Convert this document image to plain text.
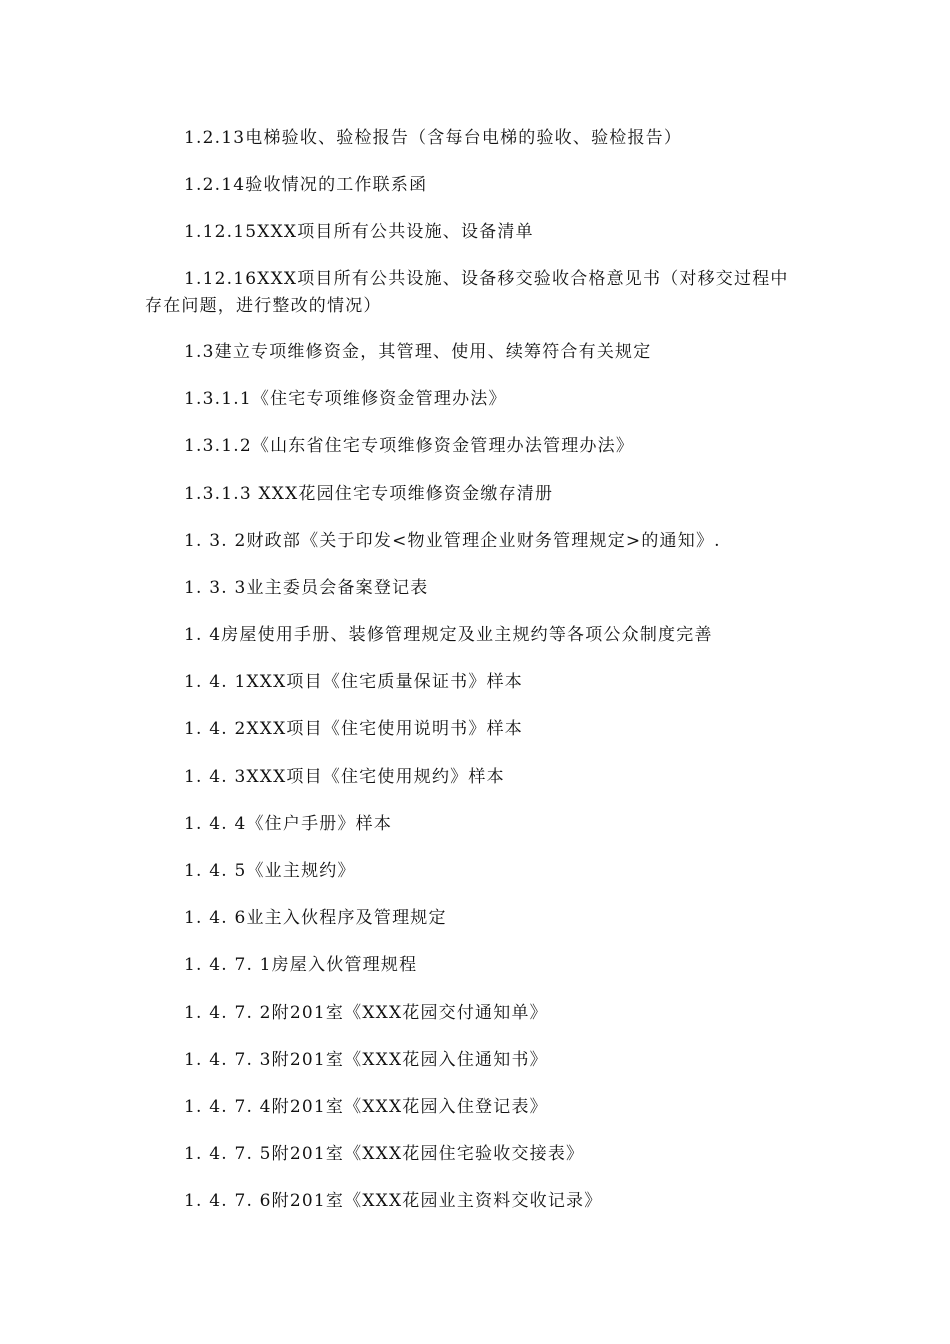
1.2.13电梯验收、验检报告（含每台电梯的验收、验检报告）

1.2.14验收情况的工作联系函

1.12.15XXX项目所有公共设施、设备清单

1.12.16XXX项目所有公共设施、设备移交验收合格意见书（对移交过程中存在问题，进行整改的情况）

1.3建立专项维修资金，其管理、使用、续筹符合有关规定

1.3.1.1《住宅专项维修资金管理办法》

1.3.1.2《山东省住宅专项维修资金管理办法管理办法》

1.3.1.3 XXX花园住宅专项维修资金缴存清册

1. 3. 2财政部《关于印发<物业管理企业财务管理规定>的通知》.

1. 3. 3业主委员会备案登记表

1. 4房屋使用手册、装修管理规定及业主规约等各项公众制度完善

1. 4. 1XXX项目《住宅质量保证书》样本

1. 4. 2XXX项目《住宅使用说明书》样本

1. 4. 3XXX项目《住宅使用规约》样本

1. 4. 4《住户手册》样本

1. 4. 5《业主规约》

1. 4. 6业主入伙程序及管理规定

1. 4. 7. 1房屋入伙管理规程

1. 4. 7. 2附201室《XXX花园交付通知单》

1. 4. 7. 3附201室《XXX花园入住通知书》

1. 4. 7. 4附201室《XXX花园入住登记表》

1. 4. 7. 5附201室《XXX花园住宅验收交接表》

1. 4. 7. 6附201室《XXX花园业主资料交收记录》
